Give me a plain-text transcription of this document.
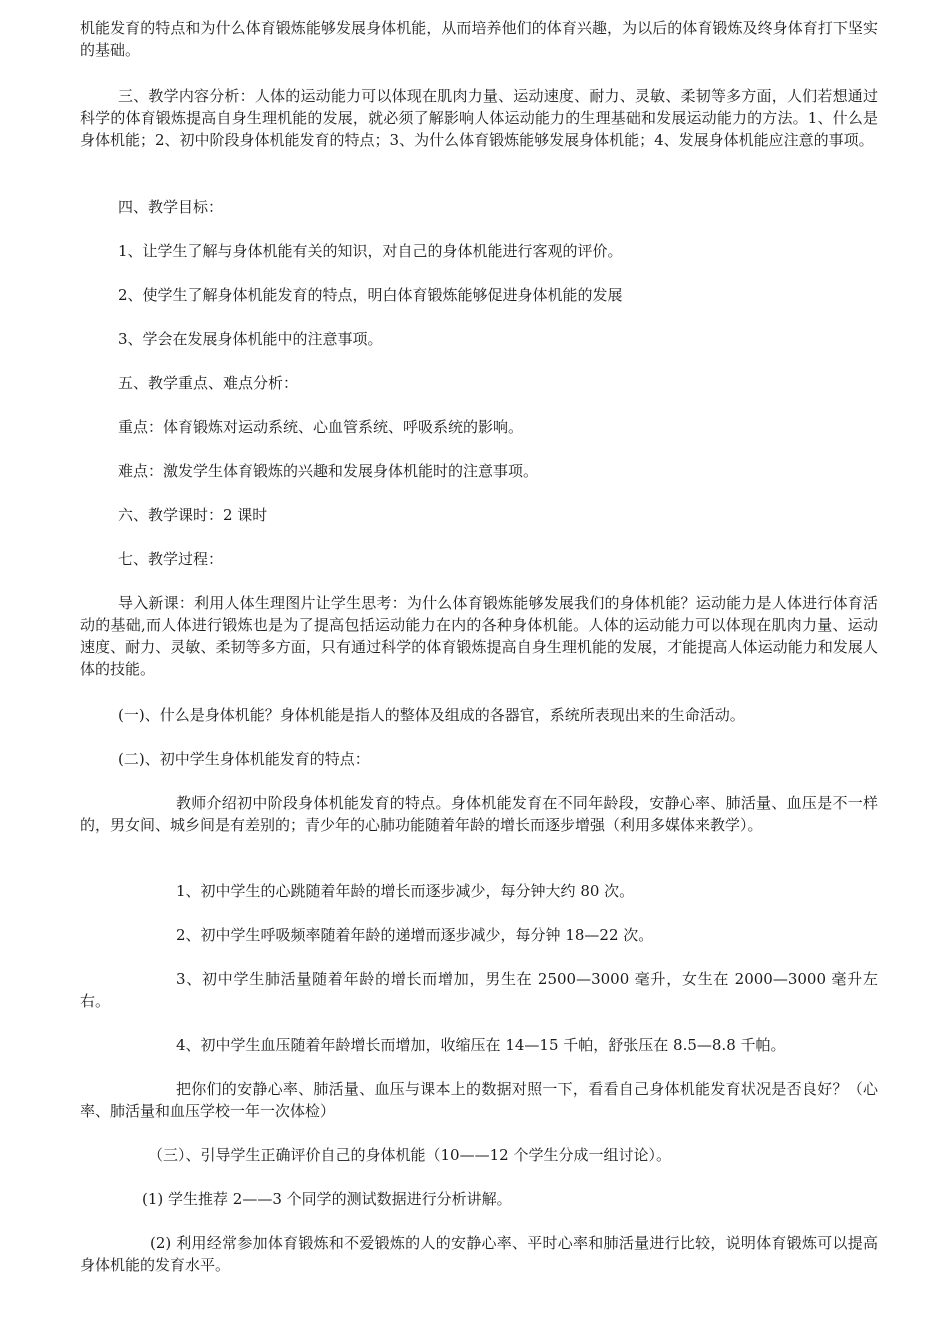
机能发育的特点和为什么体育锻炼能够发展身体机能，从而培养他们的体育兴趣，为以后的体育锻炼及终身体育打下坚实的基础。

三、教学内容分析：人体的运动能力可以体现在肌肉力量、运动速度、耐力、灵敏、柔韧等多方面，人们若想通过科学的体育锻炼提高自身生理机能的发展，就必须了解影响人体运动能力的生理基础和发展运动能力的方法。1、什么是身体机能；2、初中阶段身体机能发育的特点；3、为什么体育锻炼能够发展身体机能；4、发展身体机能应注意的事项。

四、教学目标：

1、让学生了解与身体机能有关的知识，对自己的身体机能进行客观的评价。

2、使学生了解身体机能发育的特点，明白体育锻炼能够促进身体机能的发展

3、学会在发展身体机能中的注意事项。

五、教学重点、难点分析：

重点：体育锻炼对运动系统、心血管系统、呼吸系统的影响。

难点：激发学生体育锻炼的兴趣和发展身体机能时的注意事项。

六、教学课时：2 课时

七、教学过程：

导入新课：利用人体生理图片让学生思考：为什么体育锻炼能够发展我们的身体机能？运动能力是人体进行体育活动的基础,而人体进行锻炼也是为了提高包括运动能力在内的各种身体机能。人体的运动能力可以体现在肌肉力量、运动速度、耐力、灵敏、柔韧等多方面，只有通过科学的体育锻炼提高自身生理机能的发展，才能提高人体运动能力和发展人体的技能。

(一)、什么是身体机能？身体机能是指人的整体及组成的各器官，系统所表现出来的生命活动。

(二)、初中学生身体机能发育的特点：

教师介绍初中阶段身体机能发育的特点。身体机能发育在不同年龄段，安静心率、肺活量、血压是不一样的，男女间、城乡间是有差别的；青少年的心肺功能随着年龄的增长而逐步增强（利用多媒体来教学）。

1、初中学生的心跳随着年龄的增长而逐步减少，每分钟大约 80 次。

2、初中学生呼吸频率随着年龄的递增而逐步减少，每分钟 18—22 次。

3、初中学生肺活量随着年龄的增长而增加，男生在 2500—3000 毫升，女生在 2000—3000 毫升左右。

4、初中学生血压随着年龄增长而增加，收缩压在 14—15 千帕，舒张压在 8.5—8.8 千帕。

把你们的安静心率、肺活量、血压与课本上的数据对照一下，看看自己身体机能发育状况是否良好？（心率、肺活量和血压学校一年一次体检）

（三）、引导学生正确评价自己的身体机能（10——12 个学生分成一组讨论）。

(1) 学生推荐 2——3 个同学的测试数据进行分析讲解。

(2) 利用经常参加体育锻炼和不爱锻炼的人的安静心率、平时心率和肺活量进行比较，说明体育锻炼可以提高身体机能的发育水平。
